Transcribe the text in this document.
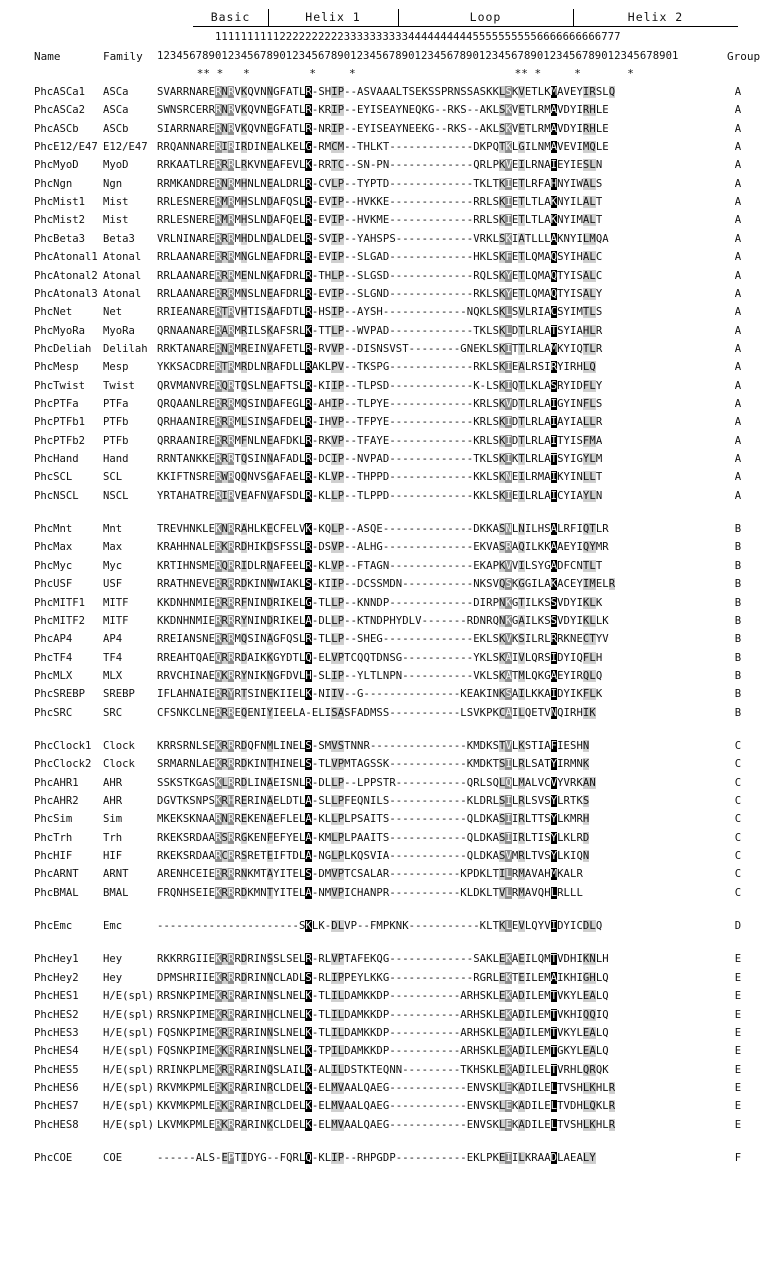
Basic	Helix 1	Loop	Helix 2
111111111122222222223333333333444444444455555555556666666666777
Name	Family 123456789012345678901234567890123456789012345678901234567890123456789012345678901	Group
** *   *         *     *                        ** *     *       *
PhcASCa1 ASCa	SVARRNARERNRVKQVNNGFATLR-SHIP--ASVAAALTSEKSSPRNSSASKKLSKVETLKMAVEYIRSLQ	A
PhcASCa2 ASCa	SWNSRCERRRNRVKQVNEGFATLR-KRIP--EYISEAYNEQKG--RKS--AKLSKVETLRMAVDYIRHLE	A
PhcASCb ASCb	SIARRNARERNRVKQVNEGFATLR-NRIP--EYISEAYNEEKG--RKS--AKLSKVETLRMAVDYIRHLE	A
PhcE12/E47 E12/E47 RRQANNARERIRIRDINEALKELG-RMCM--THLKT-------------DKPQTKLGILNMAVEVIMQLE	A
PhcMyoD MyoD	RRKAATLRERRRLRKVNEAFEVLK-RRTC--SN-PN-------------QRLPKVEILRNAIEYIESLN	A
PhcNgn	Ngn	RRMKANDRERNRMHNLNEALDRLR-CVLP--TYPTD-------------TKLTKIETLRFAHNYIWALS	A
PhcMist1 Mist	RRLESNERERMRMHSLNDAFQSLR-EVIP--HVKKE-------------RRLSKIETLTLAKNYILALT	A
PhcMist2 Mist	RRLESNERERMRMHSLNDAFQELR-EVIP--HVKME-------------RRLSKIETLTLAKNYIMALT	A
PhcBeta3 Beta3 VRLNINARERRRMHDLNDALDELR-SVIP--YAHSPS------------VRKLSKIATLLLAKNYILMQA	A
PhcAtonal1 Atonal RRLAANARERRRMNGLNEAFDRLR-EVIP--SLGAD-------------HKLSKFETLQMAQSYIHALC	A
PhcAtonal2 Atonal RRLAANARERRRMENLNKAFDRLR-THLP--SLGSD-------------RQLSKYETLQMAQTYISALC	A
PhcAtonal3 Atonal RRLAANARERRRMNSLNEAFDRLR-EVIP--SLGND-------------RKLSKYETLQMAQTYISALY	A
PhcNet	Net	RRIEANARERTRVHTISAAFDTLR-HSIP--AYSH-------------NQKLSKLSVLRIACSYIMTLS	A
PhcMyoRa MyoRa QRNAANARERARMRILSKAFSRLK-TTLP--WVPAD-------------TKLSKLDTLRLATSYIAHLR	A
PhcDeliah Delilah RRKTANARERNRMREINVAFETLR-RVVP--DISNSVST--------GNEKLSKITTLRLAMKYIQTLR	A
PhcMesp Mesp	YKKSACDRERTRMRDLNRAFDLLRAKLPV--TKSPG-------------RKLSKIEALRSIRYIRHLQ	A
PhcTwist Twist QRVMANVRERQRTQSLNEAFTSLR-KIIP--TLPSD-------------K-LSKIQTLKLASRYIDFLY	A
PhcPTFa PTFa	QRQAANLRERRRMQSINDAFEGLR-AHIP--TLPYE-------------KRLSKVDTLRLAIGYINFLS	A
PhcPTFb1 PTFb	QRHAANIRERRRMLSINSAFDELR-IHVP--TFPYE-------------KRLSKIDTLRLAIAYIALLR	A
PhcPTFb2 PTFb	QRRAANIRERRRMFNLNEAFDKLR-RKVP--TFAYE-------------KRLSKIDTLRLAITYISFMA	A
PhcHand Hand	RRNTANKKERRRTQSINNAFADLR-DCIP--NVPAD-------------TKLSKIKTLRLATSYIGYLM	A
PhcSCL	SCL	KKIFTNSRERWRQQNVSGAFAELR-KLVP--THPPD-------------KKLSKNEILRMAIKYINLLT	A
PhcNSCL NSCL	YRTAHATRERIRVEAFNVAFSDLR-KLLP--TLPPD-------------KKLSKIEILRLAICYIAYLN	A
PhcMnt	Mnt	TREVHNKLEKNRRAHLKECFELVK-KQLP--ASQE--------------DKKASNLNILHSALRFIQTLR	B
PhcMax	Max	KRAHHNALERKRRDHIKDSFSSLR-DSVP--ALHG--------------EKVASRAQILKKAAEYIQYMR	B
PhcMyc	Myc	KRTIHNSMERQRRIDLRNAFEELR-KLVP--FTAGN-------------EKAPKVVILSYGADFCNTLT	B
PhcUSF	USF	RRATHNEVERRRRDKINNWIAKLS-KIIP--DCSSMDN-----------NKSVQSKGGILAKACEYIMELR	B
PhcMITF1 MITF	KKDNHNMIERRRRFNINDRIKELG-TLLP--KNNDP-------------DIRPNKGTILKSSVDYIKLK	B
PhcMITF2 MITF	KKDNHNMIERRRRYNINDRIKELA-DLLP--KTNDPHYDLV-------RDNRQNKGAILKSSVDYIKLLK	B
PhcAP4	AP4	RREIANSNERRRMQSINAGFQSLR-TLLP--SHEG--------------EKLSKVKSILRLRRKNECTYV	B
PhcTF4	TF4	RREAHTQAEQRRRDAIKKGYDTLQ-ELVPTCQQTDNSG-----------YKLSKAIVLQRSIDYIQFLH	B
PhcMLX	MLX	RRVCHINAEQKRRYNIKNGFDVLH-SLIP--YLTLNPN-----------VKLSKATMLQKGAEYIRQLQ	B
PhcSREBP SREBP IFLAHNAIERRYRTSINEKIIELK-NIIV--G---------------KEAKINKSAILKKAIDYIKFLK	B
PhcSRC	SRC	CFSNKCLNERRREQENIYIEELA-ELISASFADMSS-----------LSVKPKCAILQETVNQIRHIK	B
PhcClock1 Clock KRRSRNLSEKRRRDQFNMLINELS-SMVSTNNR---------------KMDKSTVLKSTIAFIESHN	C
PhcClock2 Clock SRMARNLAEKRRRDKINTHINELS-TLVPMTAGSSK------------KMDKTSILRLSATYIRMNK	C
PhcAHR1 AHR	SSKSTKGASKLRRDLINAEISNLR-DLLP--LPPSTR-----------QRLSQLQLMALVCVYVRKAN	C
PhcAHR2 AHR	DGVTKSNPSKRHRERINAELDTLA-SLLPFEQNILS------------KLDRLSILRLSVSYLRTKS	C
PhcSim	Sim	MKEKSKNAARNRREKENAEFLELA-KLLPLPSAITS------------QLDKASIIRLTTSYLKMRH	C
PhcTrh	Trh	RKEKSRDAARSRRGKENFEFYELA-KMLPLPAAITS------------QLDKASIIRLTISYLKLRD	C
PhcHIF	HIF	RKEKSRDAARCRRSRETEIFTDLA-NGLPLKQSVIA------------QLDKASVMRLTVSYLKIQN	C
PhcARNT ARNT	ARENHCEIERRRRNKMTAYITELS-DMVPTCSALAR-----------KPDKLTILRMAVAHMKALR	C
PhcBMAL BMAL	FRQNHSEIEKRRRDKMNTYITELA-NMVPICHANPR-----------KLDKLTVLRMAVQHLRLLL	C
PhcEmc	Emc	----------------------SKLK-DLVP--FMPKNK-----------KLTKLEVLQYVIDYICDLQ	D
PhcHey1 Hey	RKKRRGIIEKRRRDRINSSLSELR-RLVPTAFEKQG-------------SAKLEKAEILQMTVDHIKNLH	E
PhcHey2 Hey	DPMSHRIIEKRRRDRINNCLADLS-RLIPPEYLKKG-------------RGRLEKTEILEMAIKHIGHLQ	E
PhcHES1 H/E(spl) RRSNKPIMEKRRRARINNSLNELK-TLILDAMKKDP-----------ARHSKLEKADILEMTVKYLEALQ	E
PhcHES2 H/E(spl) RRSNKPIMEKRRRARINHCLNELK-TLILDAMKKDP-----------ARHSKLEKADILEMTVKHIQQIQ	E
PhcHES3 H/E(spl) FQSNKPIMEKRRRARINNSLNELK-TLILDAMKKDP-----------ARHSKLEKADILEMTVKYLEALQ	E
PhcHES4 H/E(spl) FQSNKPIMEKKRRARINNSLNELK-TPILDAMKKDP-----------ARHSKLEKADILEMTGKYLEALQ	E
PhcHES5 H/E(spl) RRINKPLMEKRRRARINQSLAILK-ALILDSTKTEQNN---------TKHSKLEKADILELTVRHLQRQK	E
PhcHES6 H/E(spl) RKVMKPMLERKRRARINRCLDELK-ELMVAALQAEG------------ENVSKLEKADILELTVSHLKHLR	E
PhcHES7 H/E(spl) KKVMKPMLERKRRARINRCLDELK-ELMVAALQAEG------------ENVSKLEKADILELTVDHLQKLR	E
PhcHES8 H/E(spl) LKVMKPMLERKRRARINKCLDELK-ELMVAALQAEG------------ENVSKLEKADILELTVSHLKHLR	E
PhcCOE	COE	------ALS-EPTIDYG--FQRLQ-KLIP--RHPGDP-----------EKLPKEIILKRAADLAEALY	F
